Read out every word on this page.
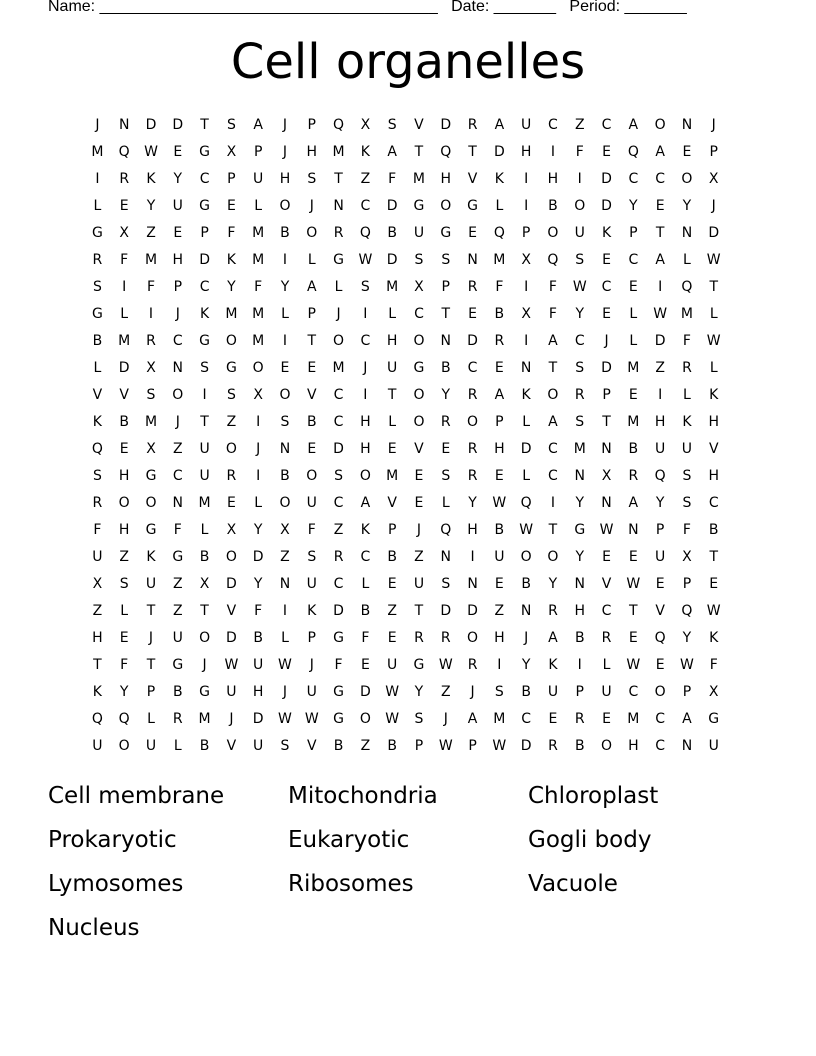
Name: ______________________________________ Date: _______ Period: _______
Cell organelles
J	N	D	D	T	S	A	J	P	Q	X	S	V	D	R	A	U	C	Z	C	A	O	N	J
M	Q	W	E	G	X	P	J	H	M	K	A	T	Q	T	D	H	I	F	E	Q	A	E	P
I	R	K	Y	C	P	U	H	S	T	Z	F	M	H	V	K	I	H	I	D	C	C	O	X
L	E	Y	U	G	E	L	O	J	N	C	D	G	O	G	L	I	B	O	D	Y	E	Y	J
G	X	Z	E	P	F	M	B	O	R	Q	B	U	G	E	Q	P	O	U	K	P	T	N	D
R	F	M	H	D	K	M	I	L	G	W	D	S	S	N	M	X	Q	S	E	C	A	L	W
S	I	F	P	C	Y	F	Y	A	L	S	M	X	P	R	F	I	F	W	C	E	I	Q	T
G	L	I	J	K	M	M	L	P	J	I	L	C	T	E	B	X	F	Y	E	L	W M	L
B	M	R	C	G	O	M	I	T	O	C	H	O	N	D	R	I	A	C	J	L	D	F	W
L	D	X	N	S	G	O	E	E	M	J	U	G	B	C	E	N	T	S	D	M	Z	R	L
V	V	S	O	I	S	X	O	V	C	I	T	O	Y	R	A	K	O	R	P	E	I	L	K
K	B	M	J	T	Z	I	S	B	C	H	L	O	R	O	P	L	A	S	T	M	H	K	H
Q	E	X	Z	U	O	J	N	E	D	H	E	V	E	R	H	D	C	M	N	B	U	U	V
S	H	G	C	U	R	I	B	O	S	O	M	E	S	R	E	L	C	N	X	R	Q	S	H
R	O	O	N	M	E	L	O	U	C	A	V	E	L	Y	W	Q	I	Y	N	A	Y	S	C
F	H	G	F	L	X	Y	X	F	Z	K	P	J	Q	H	B	W	T	G	W	N	P	F	B
U	Z	K	G	B	O	D	Z	S	R	C	B	Z	N	I	U	O	O	Y	E	E	U	X	T
X	S	U	Z	X	D	Y	N	U	C	L	E	U	S	N	E	B	Y	N	V	W	E	P	E
Z	L	T	Z	T	V	F	I	K	D	B	Z	T	D	D	Z	N	R	H	C	T	V	Q	W
H	E	J	U	O	D	B	L	P	G	F	E	R	R	O	H	J	A	B	R	E	Q	Y	K
T	F	T	G	J	W	U	W	J	F	E	U	G	W	R	I	Y	K	I	L	W	E	W	F
K	Y	P	B	G	U	H	J	U	G	D	W	Y	Z	J	S	B	U	P	U	C	O	P	X
Q	Q	L	R	M	J	D	W W	G	O	W	S	J	A	M	C	E	R	E	M	C	A	G
U	O	U	L	B	V	U	S	V	B	Z	B	P	W	P	W	D	R	B	O	H	C	N	U
Cell membrane	Mitochondria	Chloroplast
Prokaryotic	Eukaryotic	Gogli body
Lymosomes	Ribosomes	Vacuole
Nucleus
